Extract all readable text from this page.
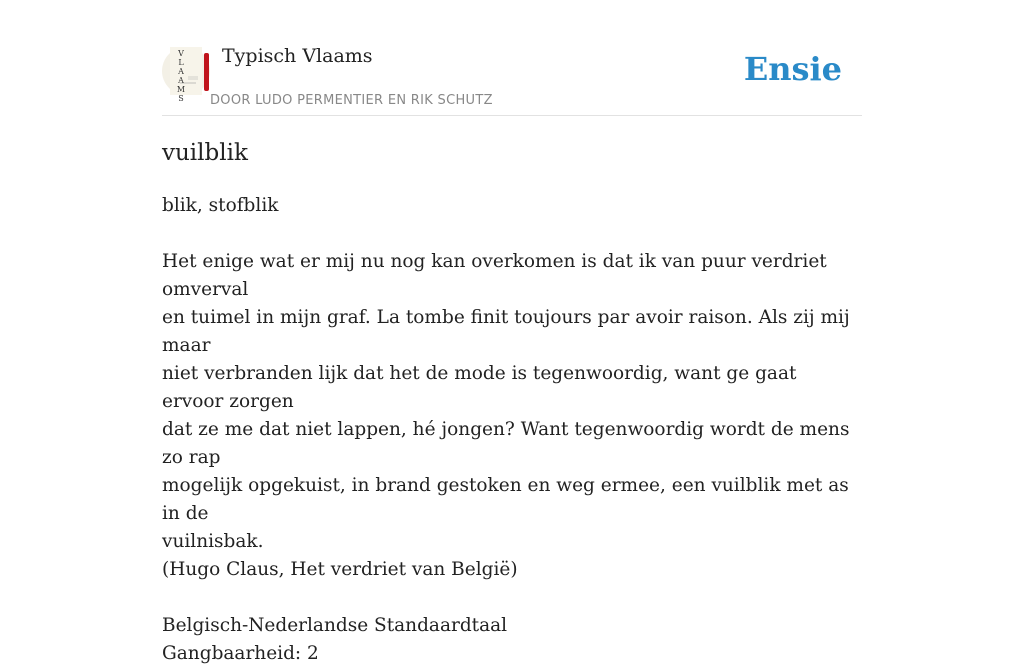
V
L
A
A
M
S
Typisch Vlaams
DOOR LUDO PERMENTIER EN RIK SCHUTZ
Ensie
vuilblik

blik, stofblik

Het enige wat er mij nu nog kan overkomen is dat ik van puur verdriet omverval
en tuimel in mijn graf. La tombe finit toujours par avoir raison. Als zij mij maar
niet verbranden lijk dat het de mode is tegenwoordig, want ge gaat ervoor zorgen
dat ze me dat niet lappen, hé jongen? Want tegenwoordig wordt de mens zo rap
mogelijk opgekuist, in brand gestoken en weg ermee, een vuilblik met as in de
vuilnisbak.

(Hugo Claus, Het verdriet van België)

Belgisch-Nederlandse Standaardtaal

Gangbaarheid: 2
